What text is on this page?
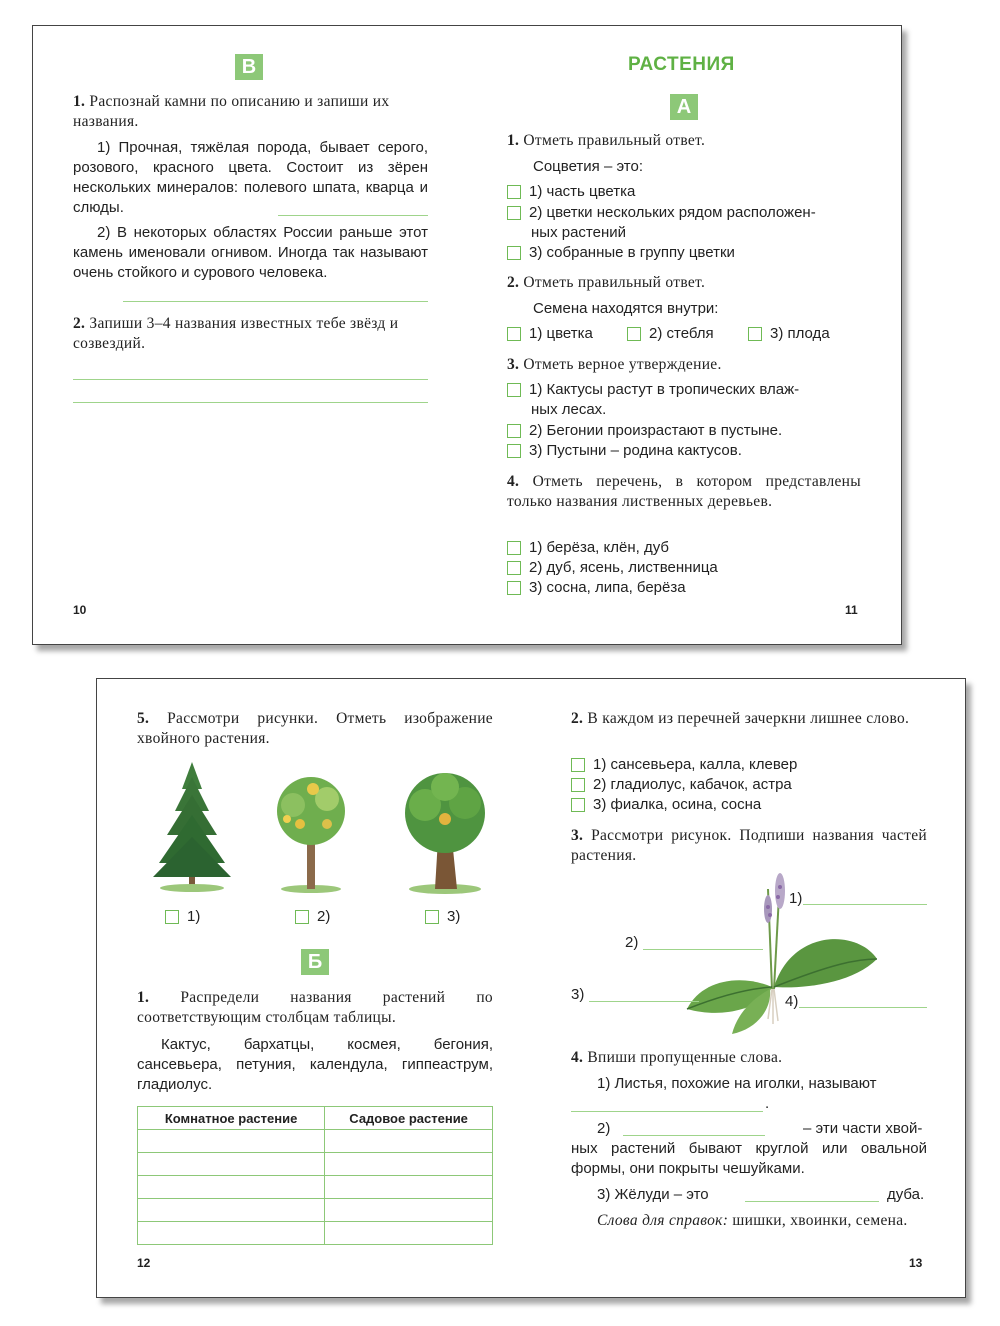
В
1. Распознай камни по описанию и запиши их названия.
1) Прочная, тяжёлая порода, бывает серого, розового, красного цвета. Состоит из зёрен нескольких минералов: полевого шпата, кварца и слюды.
2) В некоторых областях России раньше этот камень именовали огнивом. Иногда так называют очень стойкого и сурового человека.
2. Запиши 3–4 названия известных тебе звёзд и созвездий.
10
РАСТЕНИЯ
А
1. Отметь правильный ответ.
Соцветия – это:
1) часть цветка
2) цветки нескольких рядом расположен-
ных растений
3) собранные в группу цветки
2. Отметь правильный ответ.
Семена находятся внутри:
1) цветка	2) стебля	3) плода
3. Отметь верное утверждение.
1) Кактусы растут в тропических влаж-
ных лесах.
2) Бегонии произрастают в пустыне.
3) Пустыни – родина кактусов.
4. Отметь перечень, в котором представлены только названия лиственных деревьев.
1) берёза, клён, дуб
2) дуб, ясень, лиственница
3) сосна, липа, берёза
11
5. Рассмотри рисунки. Отметь изображение хвойного растения.
1)	2)	3)
Б
1. Распредели названия растений по соответствующим столбцам таблицы.
Кактус, бархатцы, космея, бегония, сансевьера, петуния, календула, гиппеаструм, гладиолус.
Комнатное растение	Садовое растение

12
2. В каждом из перечней зачеркни лишнее слово.
1) сансевьера, калла, клевер
2) гладиолус, кабачок, астра
3) фиалка, осина, сосна
3. Рассмотри рисунок. Подпиши названия частей растения.
1)
2)
3)	4)
4. Впиши пропущенные слова.
1) Листья, похожие на иголки, называют
.
2)	– эти части хвой-
ных растений бывают круглой или овальной формы, они покрыты чешуйками.
3) Жёлуди – это	дуба.
Слова для справок: шишки, хвоинки, семена.
13
